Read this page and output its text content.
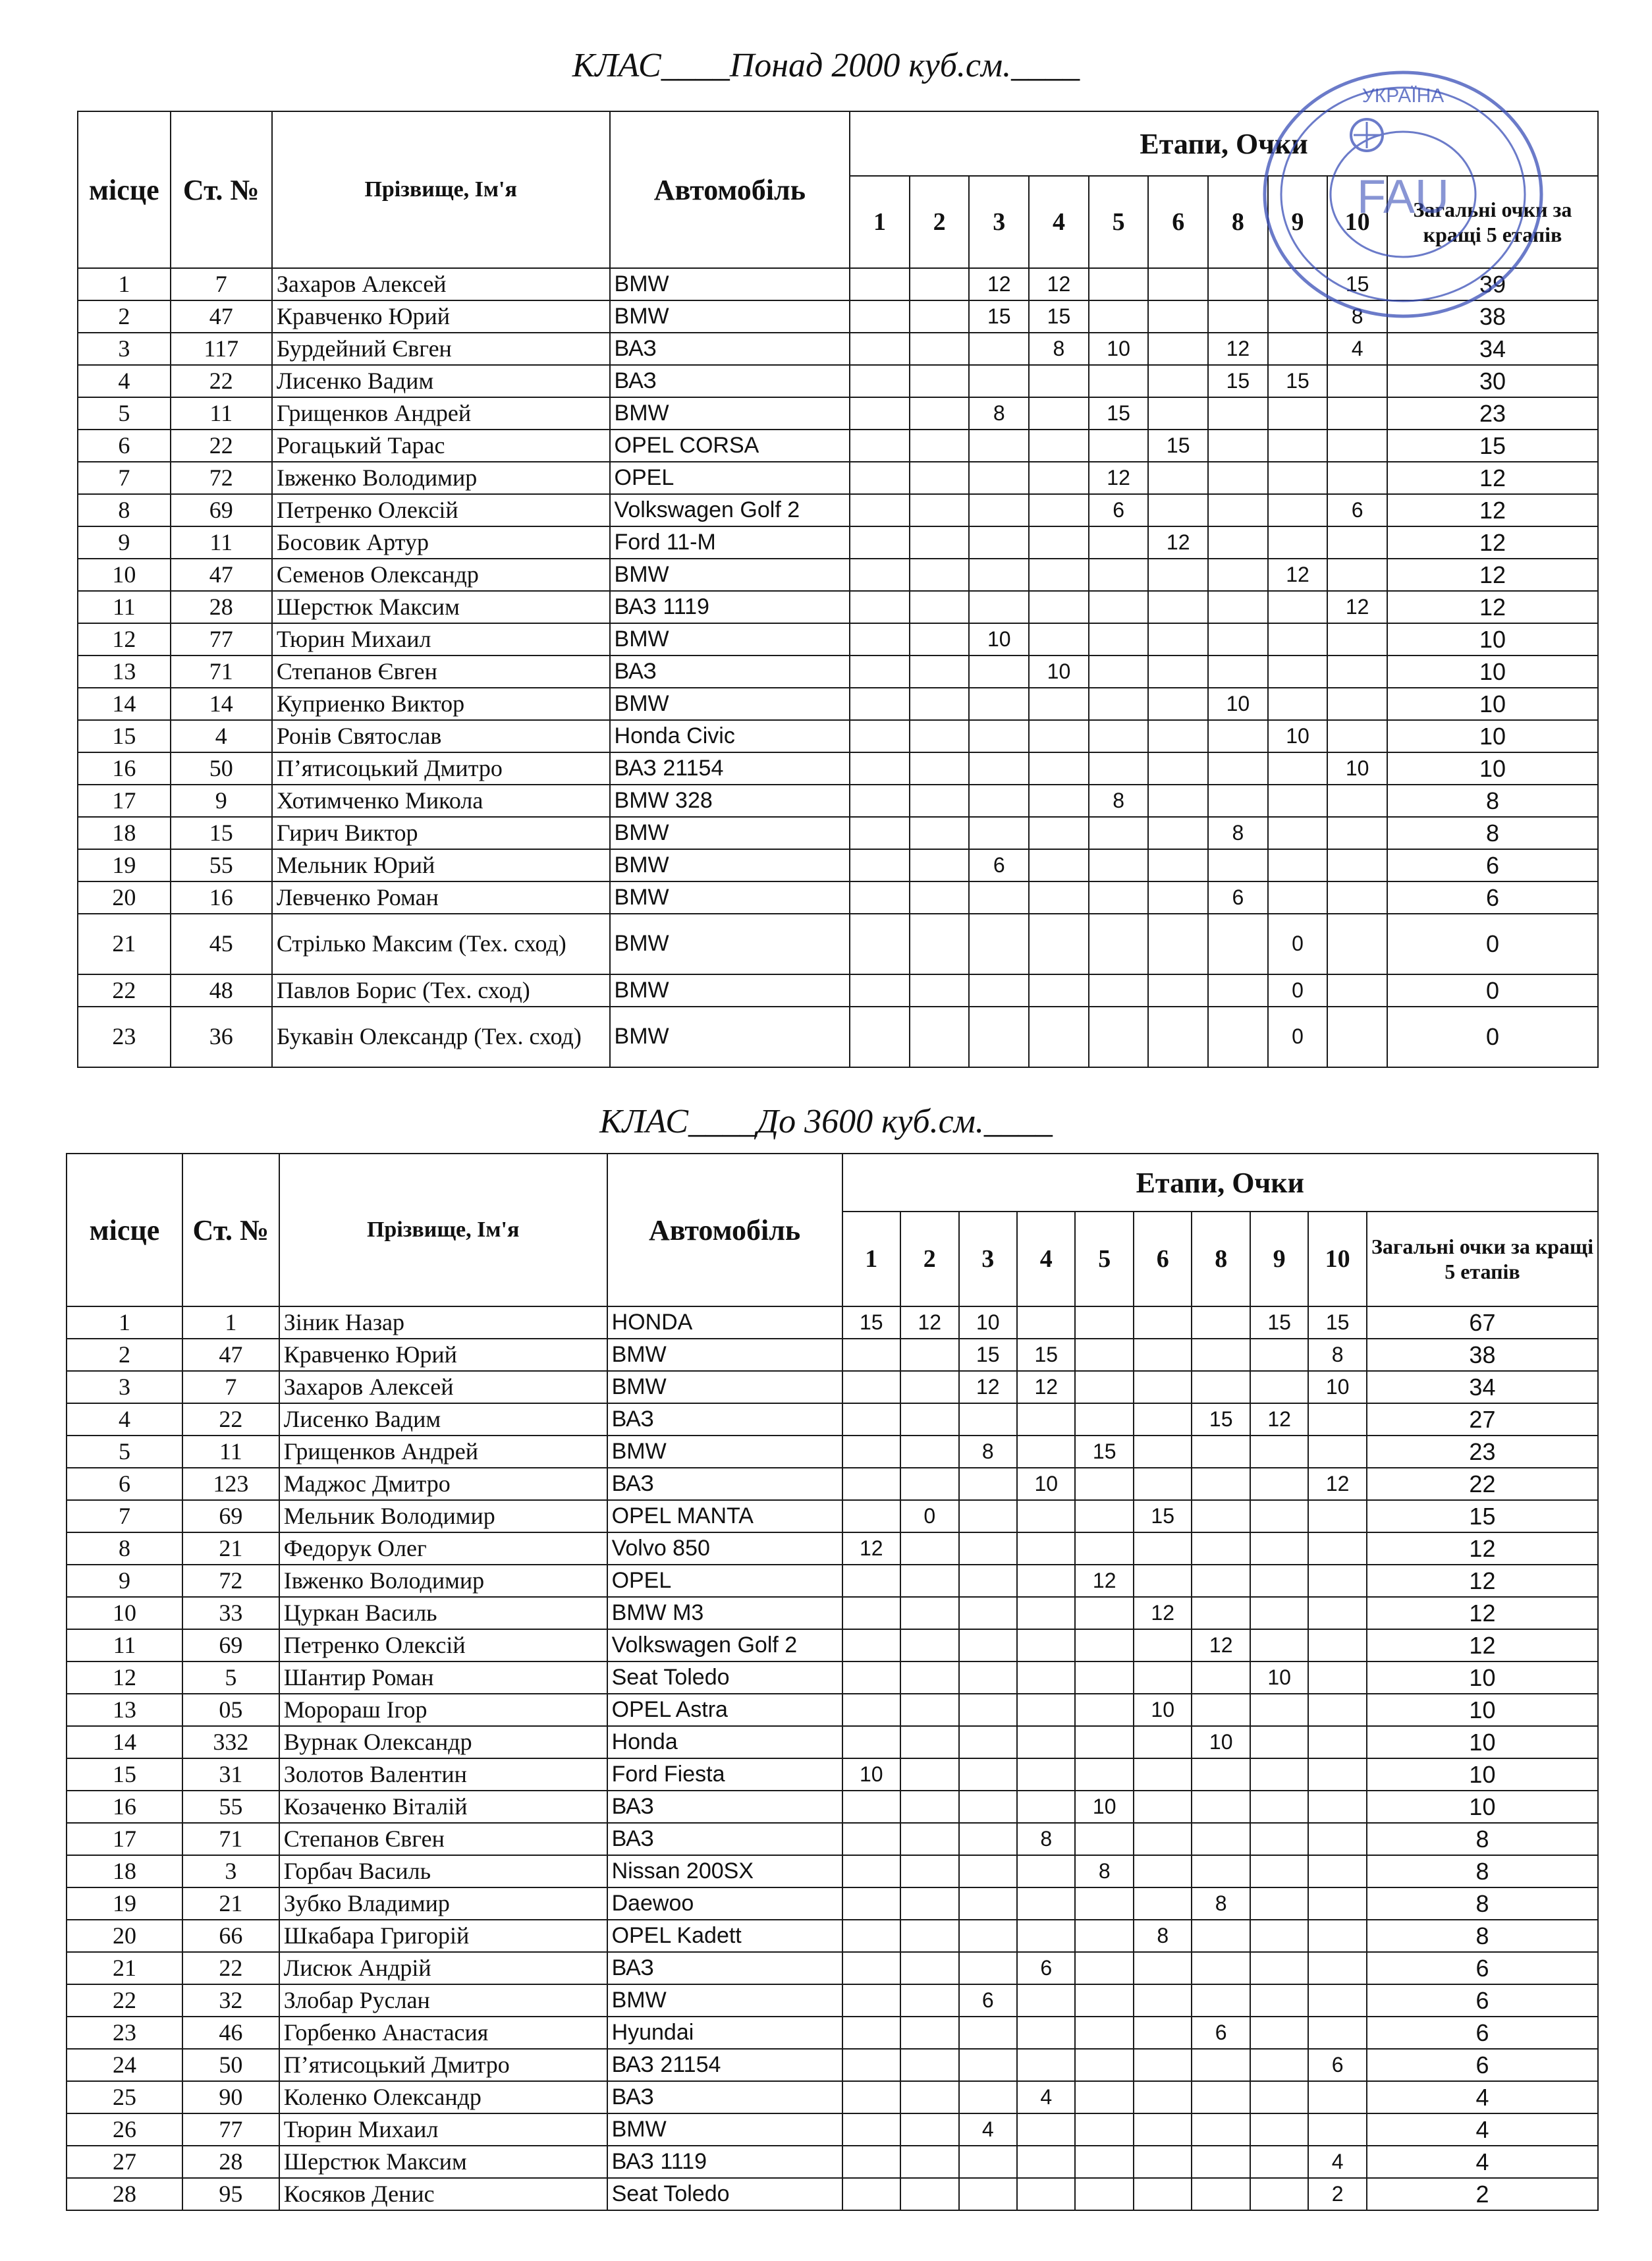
КЛАС____Понад 2000 куб.см.____
місце	Ст. №	Прізвище, Ім'я	Автомобіль	Етапи, Очки									
				1	2	3	4	5	6	8	9	10	Загальні очки за кращі 5 етапів
1	7	Захаров Алексей	BMW			12	12					15	39
2	47	Кравченко Юрий	BMW			15	15					8	38
3	117	Бурдейний Євген	ВАЗ				8	10		12		4	34
4	22	Лисенко Вадим	ВАЗ							15	15		30
5	11	Грищенков Андрей	BMW			8		15					23
6	22	Рогацький Тарас	OPEL CORSA						15				15
7	72	Івженко Володимир	OPEL					12					12
8	69	Петренко Олексій	Volkswagen Golf 2					6				6	12
9	11	Босовик Артур	Ford 11-M						12				12
10	47	Семенов Олександр	BMW								12		12
11	28	Шерстюк Максим	ВАЗ 1119									12	12
12	77	Тюрин Михаил	BMW			10							10
13	71	Степанов Євген	ВАЗ				10						10
14	14	Куприенко Виктор	BMW							10			10
15	4	Ронів Святослав	Honda Civic								10		10
16	50	П’ятисоцький Дмитро	ВАЗ 21154									10	10
17	9	Хотимченко Микола	BMW 328					8					8
18	15	Гирич Виктор	BMW							8			8
19	55	Мельник Юрий	BMW			6							6
20	16	Левченко Роман	BMW							6			6
21	45	Стрілько Максим (Тех. сход)	BMW								0		0
22	48	Павлов Борис (Тех. сход)	BMW								0		0
23	36	Букавін Олександр (Тех. сход)	BMW								0		0
УКРАЇНА
FAU
КЛАС____До 3600 куб.см.____
місце	Ст. №	Прізвище, Ім'я	Автомобіль	Етапи, Очки									
				1	2	3	4	5	6	8	9	10	Загальні очки за кращі 5 етапів
1	1	Зіник Назар	HONDA	15	12	10					15	15	67
2	47	Кравченко Юрий	BMW			15	15					8	38
3	7	Захаров Алексей	BMW			12	12					10	34
4	22	Лисенко Вадим	ВАЗ							15	12		27
5	11	Грищенков Андрей	BMW			8		15					23
6	123	Маджос Дмитро	ВАЗ				10					12	22
7	69	Мельник Володимир	OPEL MANTA		0				15				15
8	21	Федорук Олег	Volvo 850	12									12
9	72	Івженко Володимир	OPEL					12					12
10	33	Цуркан Василь	BMW M3						12				12
11	69	Петренко Олексій	Volkswagen Golf 2							12			12
12	5	Шантир Роман	Seat Toledo								10		10
13	05	Морораш Ігор	OPEL Astra						10				10
14	332	Вурнак Олександр	Honda							10			10
15	31	Золотов Валентин	Ford Fiesta	10									10
16	55	Козаченко Віталій	ВАЗ					10					10
17	71	Степанов Євген	ВАЗ				8						8
18	3	Горбач Василь	Nissan 200SX					8					8
19	21	Зубко Владимир	Daewoo							8			8
20	66	Шкабара Григорій	OPEL Kadett						8				8
21	22	Лисюк Андрій	ВАЗ				6						6
22	32	Злобар Руслан	BMW			6							6
23	46	Горбенко Анастасия	Hyundai							6			6
24	50	П’ятисоцький Дмитро	ВАЗ 21154									6	6
25	90	Коленко Олександр	ВАЗ				4						4
26	77	Тюрин Михаил	BMW			4							4
27	28	Шерстюк Максим	ВАЗ 1119									4	4
28	95	Косяков Денис	Seat Toledo									2	2
